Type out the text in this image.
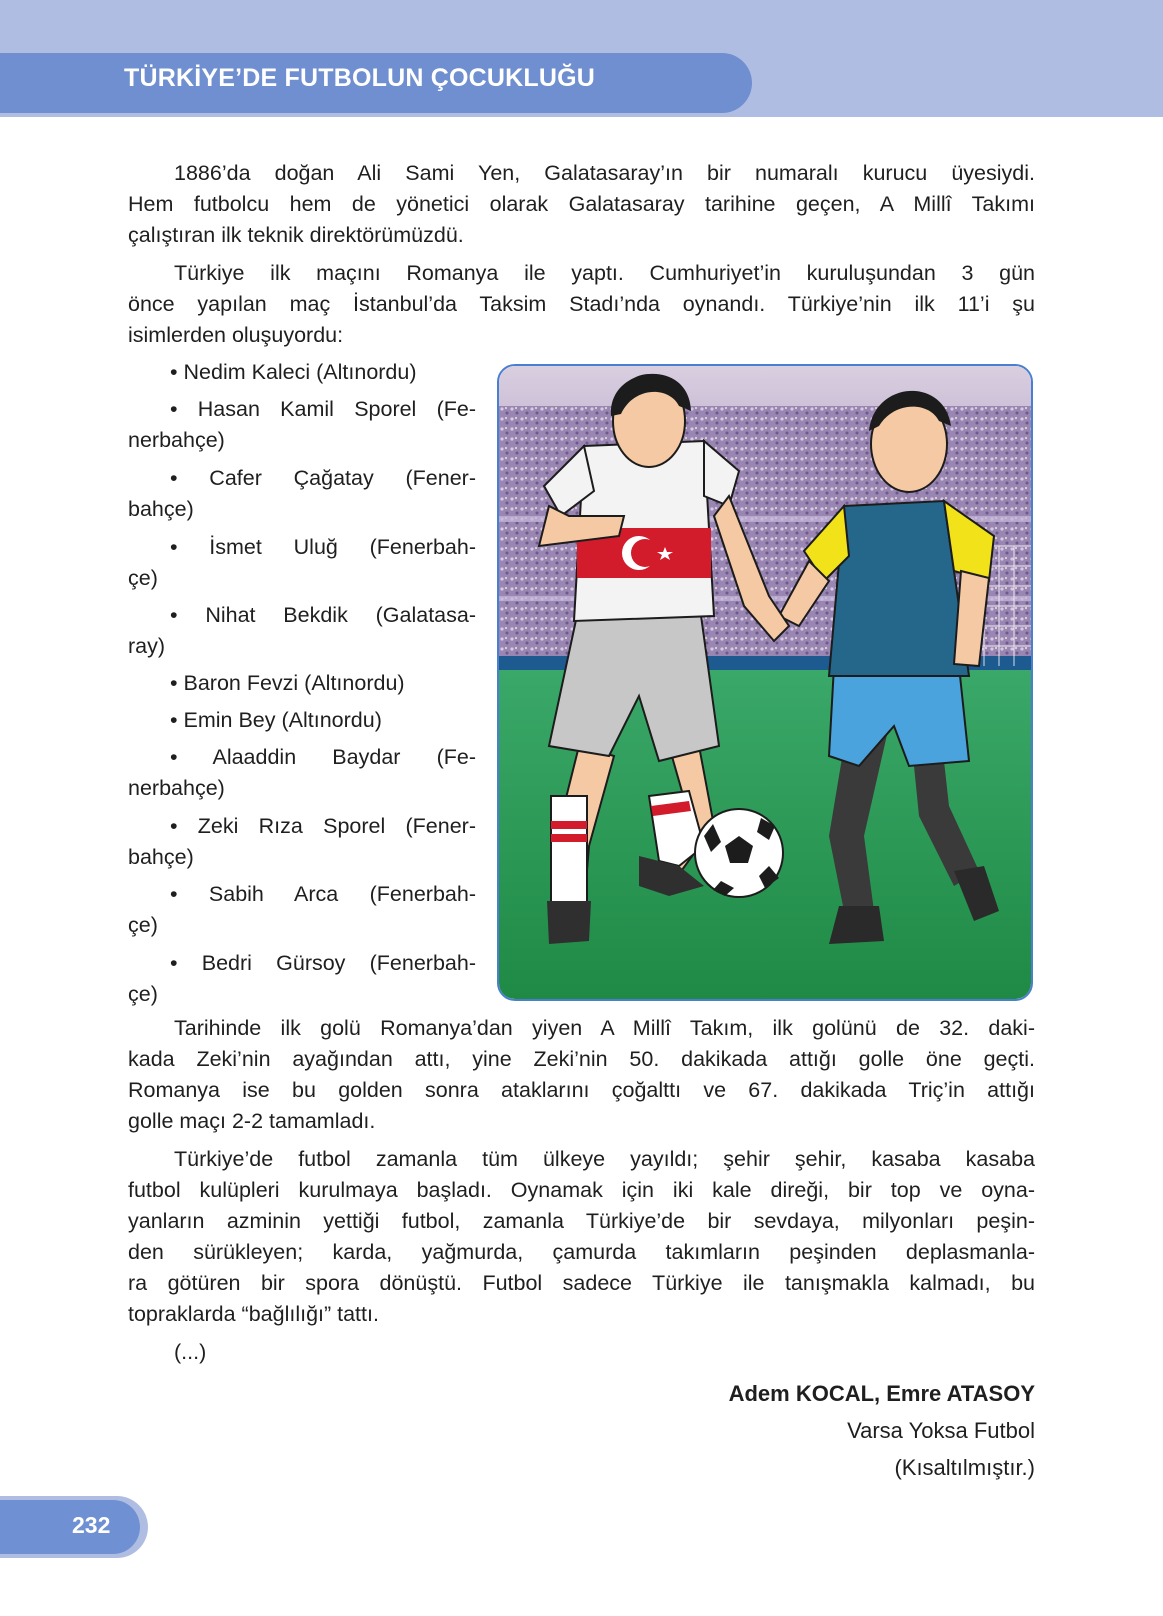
TÜRKİYE’DE FUTBOLUN ÇOCUKLUĞU
1886’da doğan Ali Sami Yen, Galatasaray’ın bir numaralı kurucu üyesiydi.
Hem futbolcu hem de yönetici olarak Galatasaray tarihine geçen, A Millî Takımı
çalıştıran ilk teknik direktörümüzdü.
Türkiye ilk maçını Romanya ile yaptı. Cumhuriyet’in kuruluşundan 3 gün
önce yapılan maç İstanbul’da Taksim Stadı’nda oynandı. Türkiye’nin ilk 11’i şu
isimlerden oluşuyordu:
• Nedim Kaleci (Altınordu)
• Hasan Kamil Sporel (Fe-
nerbahçe)
• Cafer Çağatay (Fener-
bahçe)
• İsmet Uluğ (Fenerbah-
çe)
• Nihat Bekdik (Galatasa-
ray)
• Baron Fevzi (Altınordu)
• Emin Bey (Altınordu)
• Alaaddin Baydar (Fe-
nerbahçe)
• Zeki Rıza Sporel (Fener-
bahçe)
• Sabih Arca (Fenerbah-
çe)
• Bedri Gürsoy (Fenerbah-
çe)
Tarihinde ilk golü Romanya’dan yiyen A Millî Takım, ilk golünü de 32. daki-
kada Zeki’nin ayağından attı, yine Zeki’nin 50. dakikada attığı golle öne geçti.
Romanya ise bu golden sonra ataklarını çoğalttı ve 67. dakikada Triç’in attığı
golle maçı 2-2 tamamladı.
Türkiye’de futbol zamanla tüm ülkeye yayıldı; şehir şehir, kasaba kasaba
futbol kulüpleri kurulmaya başladı. Oynamak için iki kale direği, bir top ve oyna-
yanların azminin yettiği futbol, zamanla Türkiye’de bir sevdaya, milyonları peşin-
den sürükleyen; karda, yağmurda, çamurda takımların peşinden deplasmanla-
ra götüren bir spora dönüştü. Futbol sadece Türkiye ile tanışmakla kalmadı, bu
topraklarda “bağlılığı” tattı.
(...)
Adem KOCAL, Emre ATASOY
Varsa Yoksa Futbol
(Kısaltılmıştır.)
232
